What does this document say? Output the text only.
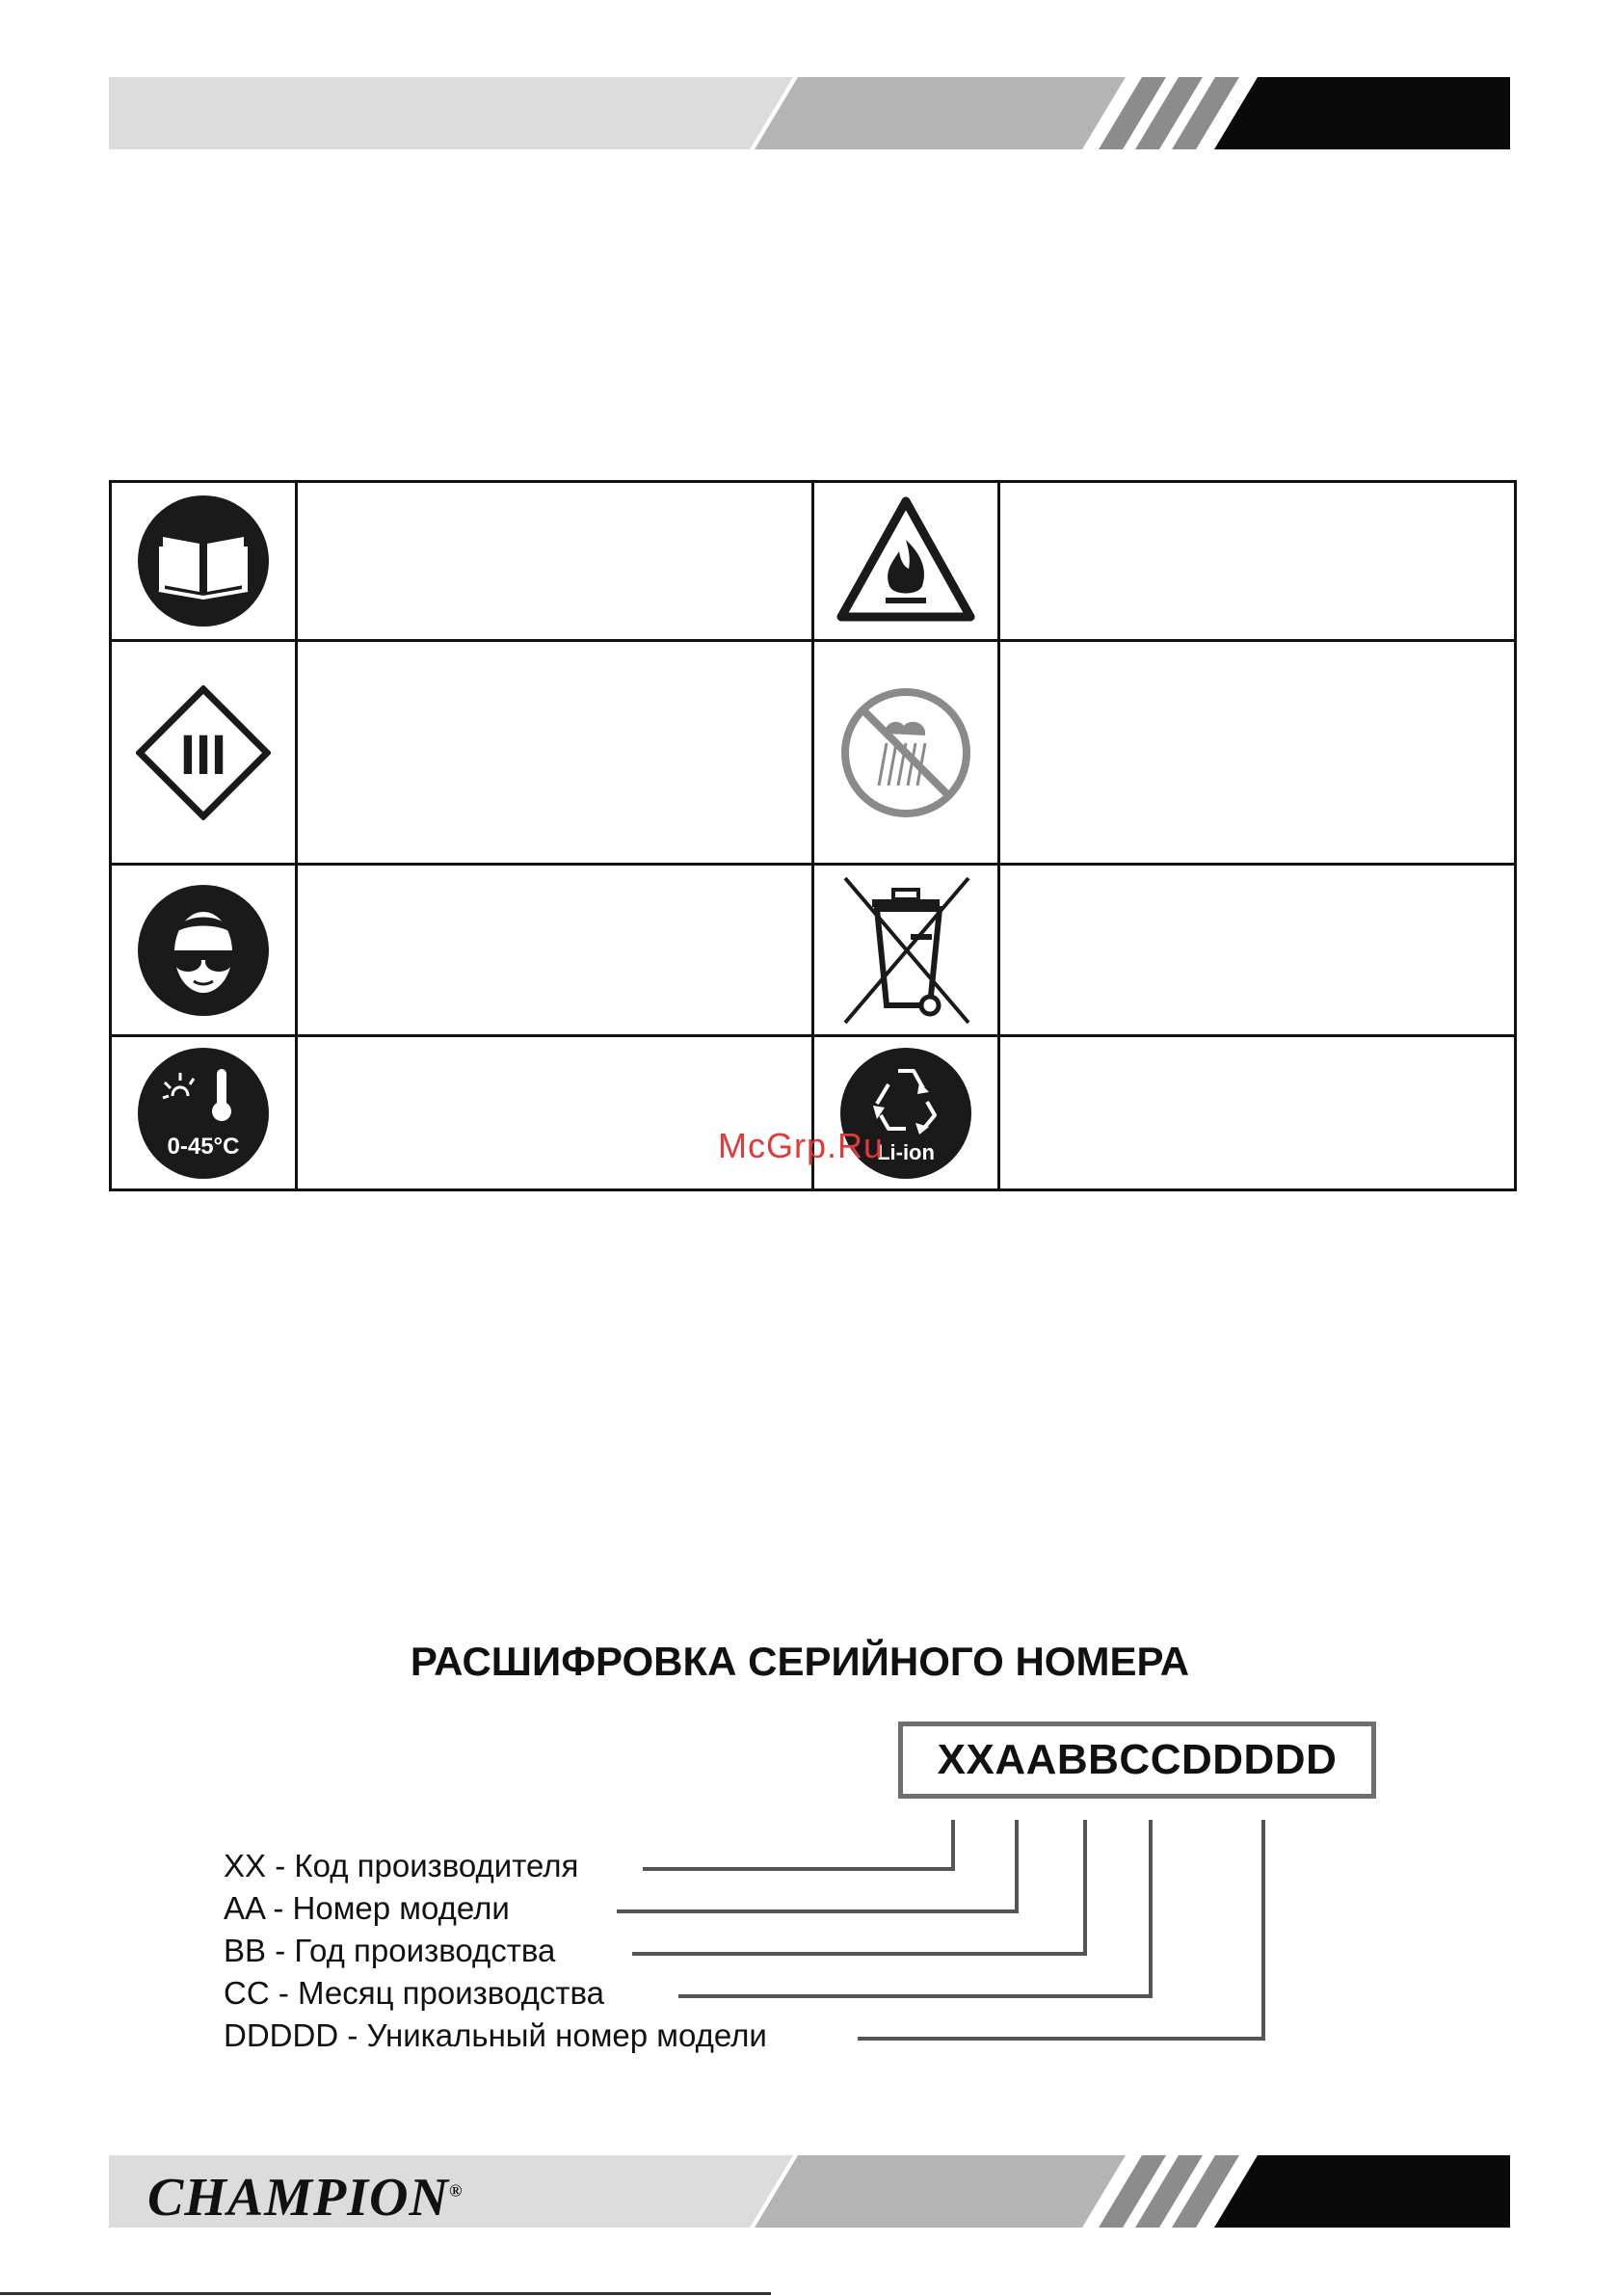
III

0-45°C		Li-ion	

McGrp.Ru
РАСШИФРОВКА СЕРИЙНОГО НОМЕРА
XXAABBCCDDDDD
XX - Код производителя
AA - Номер модели
BB - Год производства
CC - Месяц производства
DDDDD - Уникальный номер модели
CHAMPION®
